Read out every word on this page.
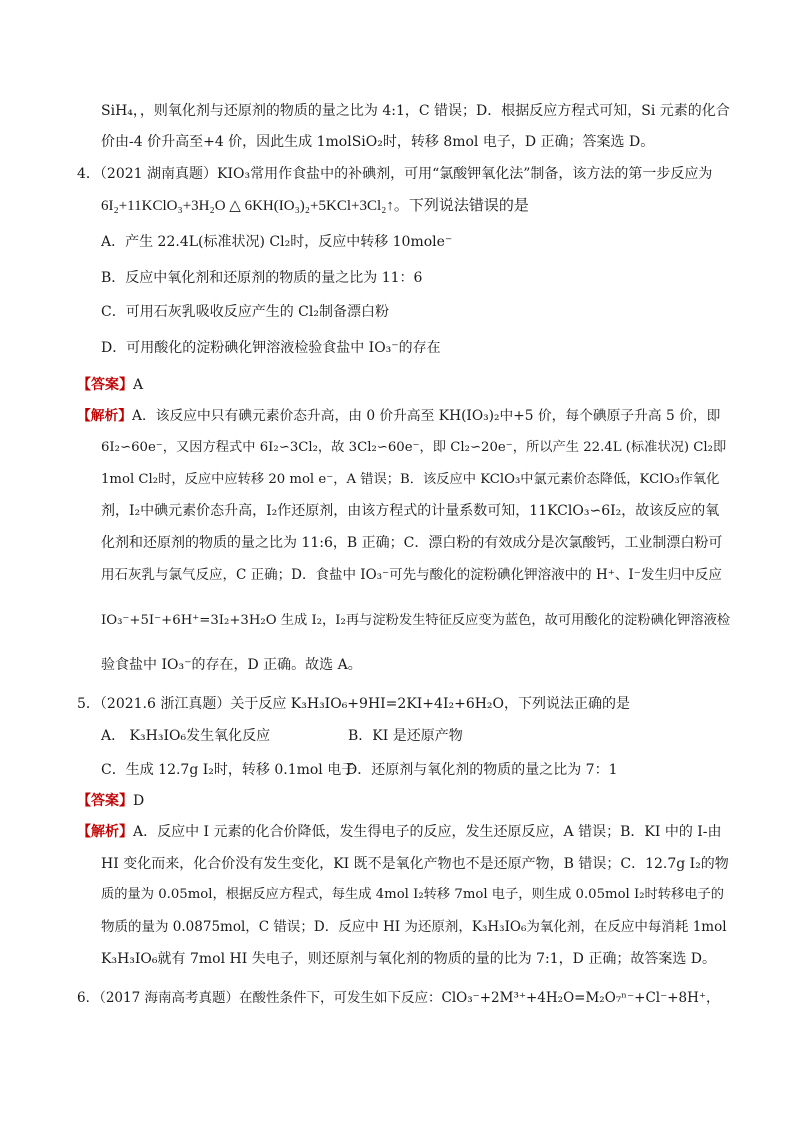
SiH₄，，则氧化剂与还原剂的物质的量之比为 4:1，C 错误；D．根据反应方程式可知，Si 元素的化合
价由-4 价升高至+4 价，因此生成 1molSiO₂时，转移 8mol 电子，D 正确；答案选 D。
4．（2021 湖南真题）KIO₃常用作食盐中的补碘剂，可用“氯酸钾氧化法”制备，该方法的第一步反应为
6I₂+11KClO₃+3H₂O △ 6KH(IO₃)₂+5KCl+3Cl₂↑。下列说法错误的是
A．产生 22.4L(标准状况) Cl₂时，反应中转移 10mole⁻
B．反应中氧化剂和还原剂的物质的量之比为 11：6
C．可用石灰乳吸收反应产生的 Cl₂制备漂白粉
D．可用酸化的淀粉碘化钾溶液检验食盐中 IO₃⁻的存在
【答案】A
【解析】A．该反应中只有碘元素价态升高，由 0 价升高至 KH(IO₃)₂中+5 价，每个碘原子升高 5 价，即
6I₂∽60e⁻，又因方程式中 6I₂∽3Cl₂，故 3Cl₂∽60e⁻，即 Cl₂∽20e⁻，所以产生 22.4L (标准状况) Cl₂即
1mol Cl₂时，反应中应转移 20 mol e⁻，A 错误；B．该反应中 KClO₃中氯元素价态降低，KClO₃作氧化
剂，I₂中碘元素价态升高，I₂作还原剂，由该方程式的计量系数可知，11KClO₃∽6I₂，故该反应的氧
化剂和还原剂的物质的量之比为 11:6，B 正确；C．漂白粉的有效成分是次氯酸钙，工业制漂白粉可
用石灰乳与氯气反应，C 正确；D．食盐中 IO₃⁻可先与酸化的淀粉碘化钾溶液中的 H⁺、I⁻发生归中反应
IO₃⁻+5I⁻+6H⁺=3I₂+3H₂O 生成 I₂，I₂再与淀粉发生特征反应变为蓝色，故可用酸化的淀粉碘化钾溶液检
验食盐中 IO₃⁻的存在，D 正确。故选 A。
5．（2021.6 浙江真题）关于反应 K₃H₃IO₆+9HI=2KI+4I₂+6H₂O，下列说法正确的是
A． K₃H₃IO₆发生氧化反应	B．KI 是还原产物
C．生成 12.7g I₂时，转移 0.1mol 电子
D．还原剂与氧化剂的物质的量之比为 7：1
【答案】D
【解析】A．反应中 I 元素的化合价降低，发生得电子的反应，发生还原反应，A 错误；B．KI 中的 I-由
HI 变化而来，化合价没有发生变化，KI 既不是氧化产物也不是还原产物，B 错误；C．12.7g I₂的物
质的量为 0.05mol，根据反应方程式，每生成 4mol I₂转移 7mol 电子，则生成 0.05mol I₂时转移电子的
物质的量为 0.0875mol，C 错误；D．反应中 HI 为还原剂，K₃H₃IO₆为氧化剂，在反应中每消耗 1mol
K₃H₃IO₆就有 7mol HI 失电子，则还原剂与氧化剂的物质的量的比为 7:1，D 正确；故答案选 D。
6．（2017 海南高考真题）在酸性条件下，可发生如下反应：ClO₃⁻+2M³⁺+4H₂O=M₂O₇ⁿ⁻+Cl⁻+8H⁺，
